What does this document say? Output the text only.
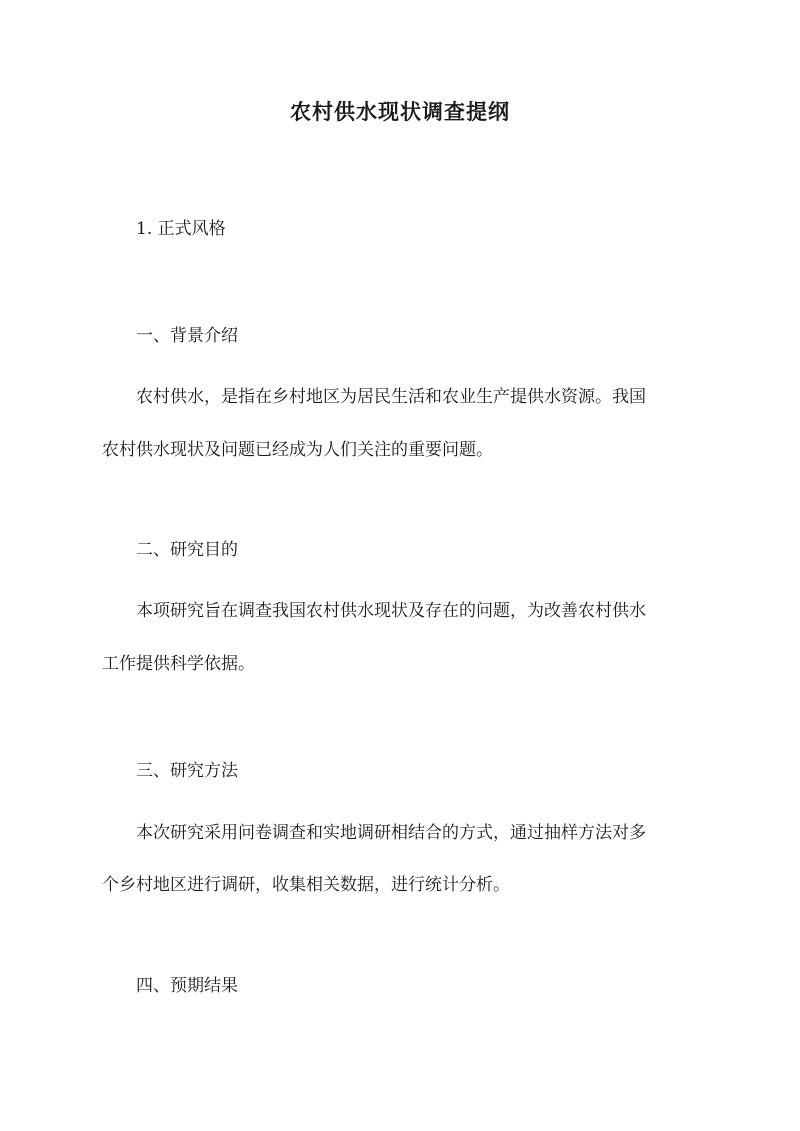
农村供水现状调查提纲
1. 正式风格
一、背景介绍
农村供水，是指在乡村地区为居民生活和农业生产提供水资源。我国
农村供水现状及问题已经成为人们关注的重要问题。
二、研究目的
本项研究旨在调查我国农村供水现状及存在的问题，为改善农村供水
工作提供科学依据。
三、研究方法
本次研究采用问卷调查和实地调研相结合的方式，通过抽样方法对多
个乡村地区进行调研，收集相关数据，进行统计分析。
四、预期结果
